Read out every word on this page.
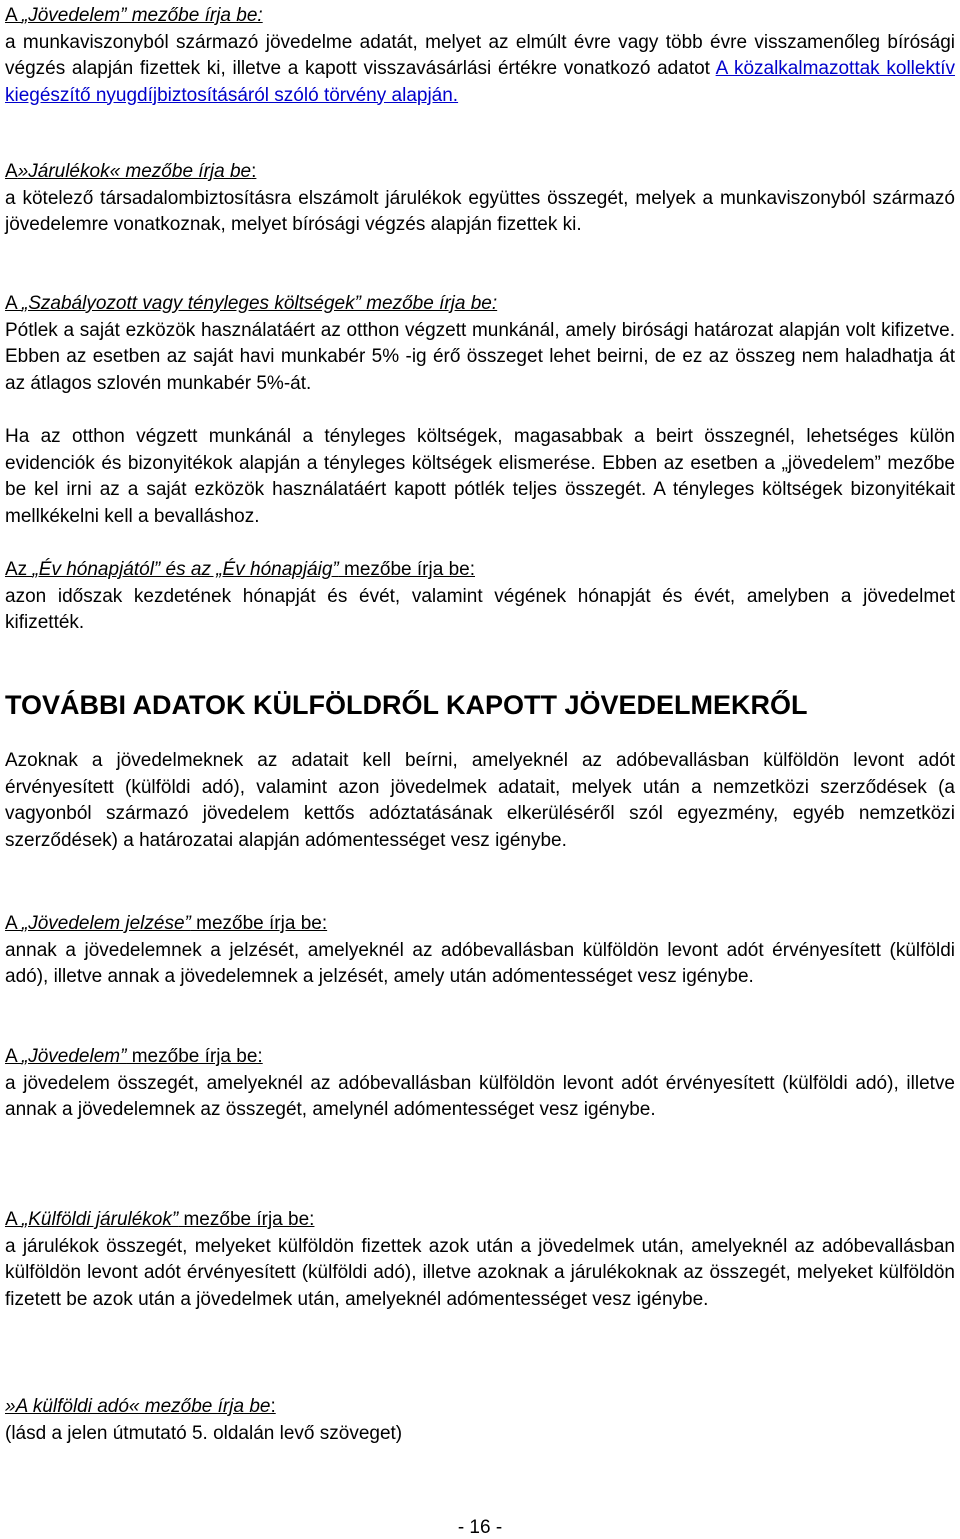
A „Jövedelem” mezőbe írja be:

a munkaviszonyból származó jövedelme adatát, melyet az elmúlt évre vagy több évre visszamenőleg bírósági végzés alapján fizettek ki, illetve a kapott visszavásárlási értékre vonatkozó adatot A közalkalmazottak kollektív kiegészítő nyugdíjbiztosításáról szóló törvény alapján.

A»Járulékok« mezőbe írja be:

a kötelező társadalombiztosításra elszámolt járulékok együttes összegét, melyek a munkaviszonyból származó jövedelemre vonatkoznak, melyet bírósági végzés alapján fizettek ki.

A „Szabályozott vagy tényleges költségek” mezőbe írja be:

Pótlek a saját ezközök használatáért az otthon végzett munkánál, amely birósági határozat alapján volt kifizetve. Ebben az esetben az saját havi munkabér 5% -ig érő összeget lehet beirni, de ez az összeg nem haladhatja át az átlagos szlovén munkabér 5%-át.

Ha az otthon végzett munkánál a tényleges költségek, magasabbak a beirt összegnél, lehetséges külön evidenciók és bizonyitékok alapján a tényleges költségek elismerése. Ebben az esetben a „jövedelem” mezőbe be kel irni az a saját ezközök használatáért kapott pótlék teljes összegét. A tényleges költségek bizonyitékait mellkékelni kell a bevalláshoz.

Az „Év hónapjától” és az „Év hónapjáig” mezőbe írja be:

azon időszak kezdetének hónapját és évét, valamint végének hónapját és évét, amelyben a jövedelmet kifizették.

TOVÁBBI ADATOK KÜLFÖLDRŐL KAPOTT JÖVEDELMEKRŐL

Azoknak a jövedelmeknek az adatait kell beírni, amelyeknél az adóbevallásban külföldön levont adót érvényesített (külföldi adó), valamint azon jövedelmek adatait, melyek után a nemzetközi szerződések (a vagyonból származó jövedelem kettős adóztatásának elkerüléséről szól egyezmény, egyéb nemzetközi szerződések) a határozatai alapján adómentességet vesz igénybe.

A „Jövedelem jelzése” mezőbe írja be:

annak a jövedelemnek a jelzését, amelyeknél az adóbevallásban külföldön levont adót érvényesített (külföldi adó), illetve annak a jövedelemnek a jelzését, amely után adómentességet vesz igénybe.

A „Jövedelem” mezőbe írja be:

a jövedelem összegét, amelyeknél az adóbevallásban külföldön levont adót érvényesített (külföldi adó), illetve annak a jövedelemnek az összegét, amelynél adómentességet vesz igénybe.

A „Külföldi járulékok” mezőbe írja be:

a járulékok összegét, melyeket külföldön fizettek azok után a jövedelmek után, amelyeknél az adóbevallásban külföldön levont adót érvényesített (külföldi adó), illetve azoknak a járulékoknak az összegét, melyeket külföldön fizetett be azok után a jövedelmek után, amelyeknél adómentességet vesz igénybe.

»A külföldi adó« mezőbe írja be:

(lásd a jelen útmutató 5. oldalán levő szöveget)

- 16 -
